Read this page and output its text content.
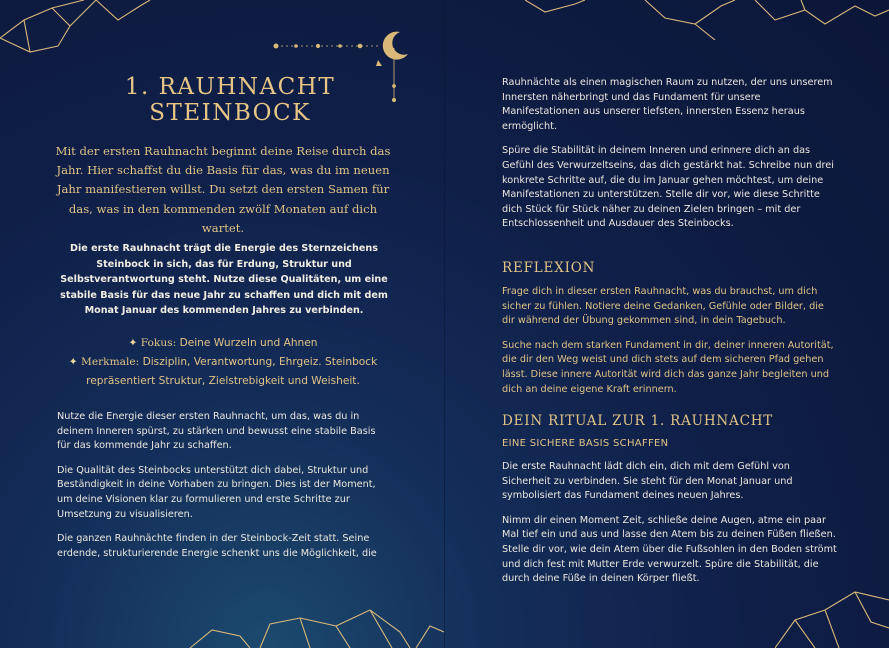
1. RAUHNACHT
STEINBOCK
Mit der ersten Rauhnacht beginnt deine Reise durch das Jahr. Hier schaffst du die Basis für das, was du im neuen Jahr manifestieren willst. Du setzt den ersten Samen für das, was in den kommenden zwölf Monaten auf dich wartet.
Die erste Rauhnacht trägt die Energie des Sternzeichens Steinbock in sich, das für Erdung, Struktur und Selbstverantwortung steht. Nutze diese Qualitäten, um eine stabile Basis für das neue Jahr zu schaffen und dich mit dem Monat Januar des kommenden Jahres zu verbinden.
✦ Fokus: Deine Wurzeln und Ahnen
✦ Merkmale: Disziplin, Verantwortung, Ehrgeiz. Steinbock repräsentiert Struktur, Zielstrebigkeit und Weisheit.

Nutze die Energie dieser ersten Rauhnacht, um das, was du in deinem Inneren spürst, zu stärken und bewusst eine stabile Basis für das kommende Jahr zu schaffen.

Die Qualität des Steinbocks unterstützt dich dabei, Struktur und Beständigkeit in deine Vorhaben zu bringen. Dies ist der Moment, um deine Visionen klar zu formulieren und erste Schritte zur Umsetzung zu visualisieren.

Die ganzen Rauhnächte finden in der Steinbock-Zeit statt. Seine erdende, strukturierende Energie schenkt uns die Möglichkeit, die

Rauhnächte als einen magischen Raum zu nutzen, der uns unserem Innersten näherbringt und das Fundament für unsere Manifestationen aus unserer tiefsten, innersten Essenz heraus ermöglicht.

Spüre die Stabilität in deinem Inneren und erinnere dich an das Gefühl des Verwurzeltseins, das dich gestärkt hat. Schreibe nun drei konkrete Schritte auf, die du im Januar gehen möchtest, um deine Manifestationen zu unterstützen. Stelle dir vor, wie diese Schritte dich Stück für Stück näher zu deinen Zielen bringen – mit der Entschlossenheit und Ausdauer des Steinbocks.

REFLEXION

Frage dich in dieser ersten Rauhnacht, was du brauchst, um dich sicher zu fühlen. Notiere deine Gedanken, Gefühle oder Bilder, die dir während der Übung gekommen sind, in dein Tagebuch.

Suche nach dem starken Fundament in dir, deiner inneren Autorität, die dir den Weg weist und dich stets auf dem sicheren Pfad gehen lässt. Diese innere Autorität wird dich das ganze Jahr begleiten und dich an deine eigene Kraft erinnern.

DEIN RITUAL ZUR 1. RAUHNACHT
EINE SICHERE BASIS SCHAFFEN

Die erste Rauhnacht lädt dich ein, dich mit dem Gefühl von Sicherheit zu verbinden. Sie steht für den Monat Januar und symbolisiert das Fundament deines neuen Jahres.

Nimm dir einen Moment Zeit, schließe deine Augen, atme ein paar Mal tief ein und aus und lasse den Atem bis zu deinen Füßen fließen. Stelle dir vor, wie dein Atem über die Fußsohlen in den Boden strömt und dich fest mit Mutter Erde verwurzelt. Spüre die Stabilität, die durch deine Füße in deinen Körper fließt.
